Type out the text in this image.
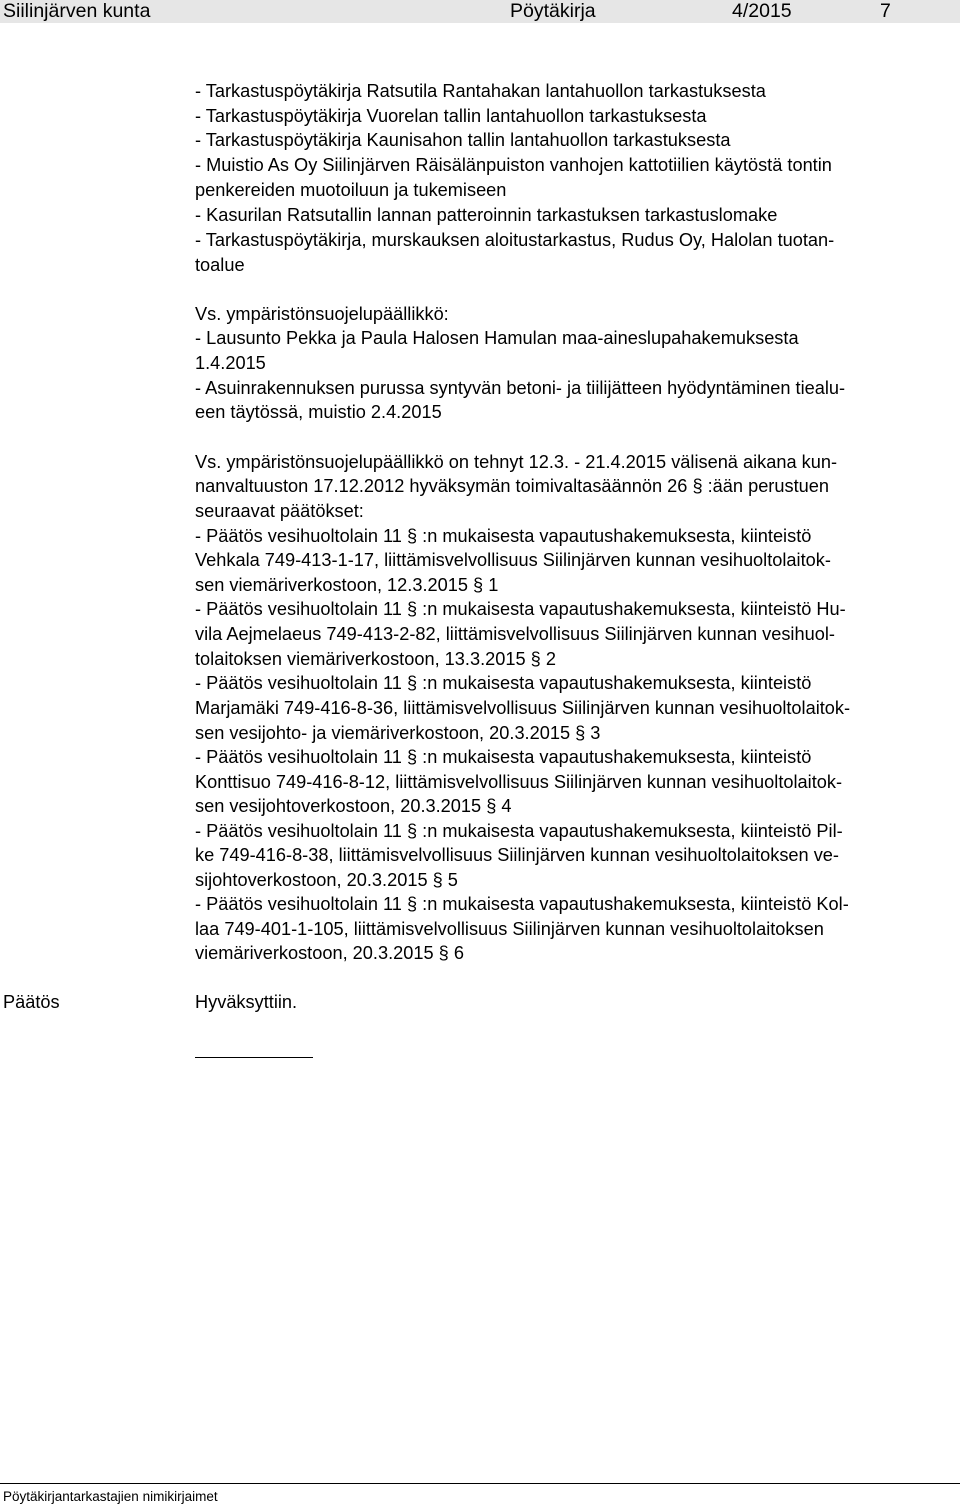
Siilinjärven kunta	Pöytäkirja	4/2015	7
- Tarkastuspöytäkirja Ratsutila Rantahakan lantahuollon tarkastuksesta
- Tarkastuspöytäkirja Vuorelan tallin lantahuollon tarkastuksesta
- Tarkastuspöytäkirja Kaunisahon tallin lantahuollon tarkastuksesta
- Muistio As Oy Siilinjärven Räisälänpuiston vanhojen kattotiilien käytöstä tontin
penkereiden muotoiluun ja tukemiseen
- Kasurilan Ratsutallin lannan patteroinnin tarkastuksen tarkastuslomake
- Tarkastuspöytäkirja, murskauksen aloitustarkastus, Rudus Oy, Halolan tuotan-
toalue
Vs. ympäristönsuojelupäällikkö:
- Lausunto Pekka ja Paula Halosen Hamulan maa-aineslupahakemuksesta
1.4.2015
- Asuinrakennuksen purussa syntyvän betoni- ja tiilijätteen hyödyntäminen tiealu-
een täytössä, muistio 2.4.2015
Vs. ympäristönsuojelupäällikkö on tehnyt 12.3. - 21.4.2015 välisenä aikana kun-
nanvaltuuston 17.12.2012 hyväksymän toimivaltasäännön 26 § :ään perustuen
seuraavat päätökset:
- Päätös vesihuoltolain 11 § :n mukaisesta vapautushakemuksesta, kiinteistö
Vehkala 749-413-1-17, liittämisvelvollisuus Siilinjärven kunnan vesihuoltolaitok-
sen viemäriverkostoon, 12.3.2015 § 1
- Päätös vesihuoltolain 11 § :n mukaisesta vapautushakemuksesta, kiinteistö Hu-
vila Aejmelaeus 749-413-2-82, liittämisvelvollisuus Siilinjärven kunnan vesihuol-
tolaitoksen viemäriverkostoon, 13.3.2015 § 2
- Päätös vesihuoltolain 11 § :n mukaisesta vapautushakemuksesta, kiinteistö
Marjamäki 749-416-8-36, liittämisvelvollisuus Siilinjärven kunnan vesihuoltolaitok-
sen vesijohto- ja viemäriverkostoon, 20.3.2015 § 3
- Päätös vesihuoltolain 11 § :n mukaisesta vapautushakemuksesta, kiinteistö
Konttisuo 749-416-8-12, liittämisvelvollisuus Siilinjärven kunnan vesihuoltolaitok-
sen vesijohtoverkostoon, 20.3.2015 § 4
- Päätös vesihuoltolain 11 § :n mukaisesta vapautushakemuksesta, kiinteistö Pil-
ke 749-416-8-38, liittämisvelvollisuus Siilinjärven kunnan vesihuoltolaitoksen ve-
sijohtoverkostoon, 20.3.2015 § 5
- Päätös vesihuoltolain 11 § :n mukaisesta vapautushakemuksesta, kiinteistö Kol-
laa 749-401-1-105, liittämisvelvollisuus Siilinjärven kunnan vesihuoltolaitoksen
viemäriverkostoon, 20.3.2015 § 6
Päätös	Hyväksyttiin.
Pöytäkirjantarkastajien nimikirjaimet
